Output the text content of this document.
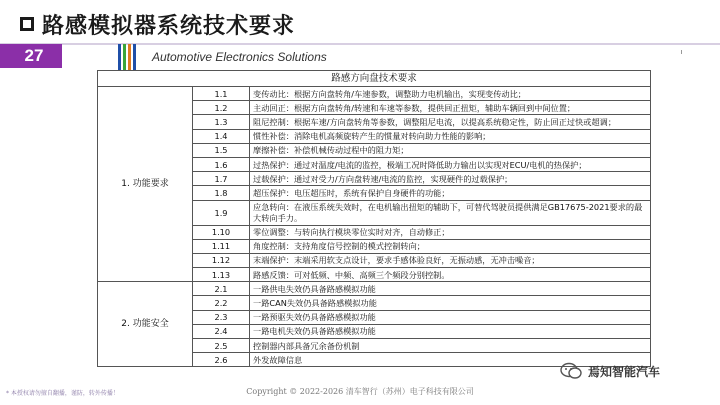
路感模拟器系统技术要求
27	Automotive Electronics Solutions
路感方向盘技术要求		
1. 功能要求	1.1	变传动比：根据方向盘转角/车速参数，调整助力电机输出，实现变传动比；
	1.2	主动回正：根据方向盘转角/转速和车速等参数，提供回正扭矩，辅助车辆回到中间位置；
	1.3	阻尼控制：根据车速/方向盘转角等参数，调整阻尼电流，以提高系统稳定性，防止回正过快或超调；
	1.4	惯性补偿：消除电机高频旋转产生的惯量对转向助力性能的影响；
	1.5	摩擦补偿：补偿机械传动过程中的阻力矩；
	1.6	过热保护：通过对温度/电流的监控，极端工况时降低助力输出以实现对ECU/电机的热保护；
	1.7	过载保护：通过对受力/方向盘转速/电流的监控，实现硬件的过载保护；
	1.8	超压保护：电压超压时，系统有保护自身硬件的功能；
	1.9	应急转向：在液压系统失效时，在电机输出扭矩的辅助下，可替代驾驶员提供满足GB17675-2021要求的最大转向手力。
	1.10	零位调整：与转向执行模块零位实时对齐，自动修正；
	1.11	角度控制：支持角度信号控制的模式控制转向；
	1.12	末端保护：末端采用软支点设计，要求手感体验良好，无振动感，无冲击噪音；
	1.13	路感反馈：可对低频、中频、高频三个频段分别控制。
2. 功能安全	2.1	一路供电失效仍具备路感模拟功能
	2.2	一路CAN失效仍具备路感模拟功能
	2.3	一路预驱失效仍具备路感模拟功能
	2.4	一路电机失效仍具备路感模拟功能
	2.5	控制器内部具备冗余备份机制
	2.6	外发故障信息
* 本授权请勿擅自翻播，谨防，转外传播！	Copyright © 2022-2026 清车智行（苏州）电子科技有限公司
焉知智能汽车
